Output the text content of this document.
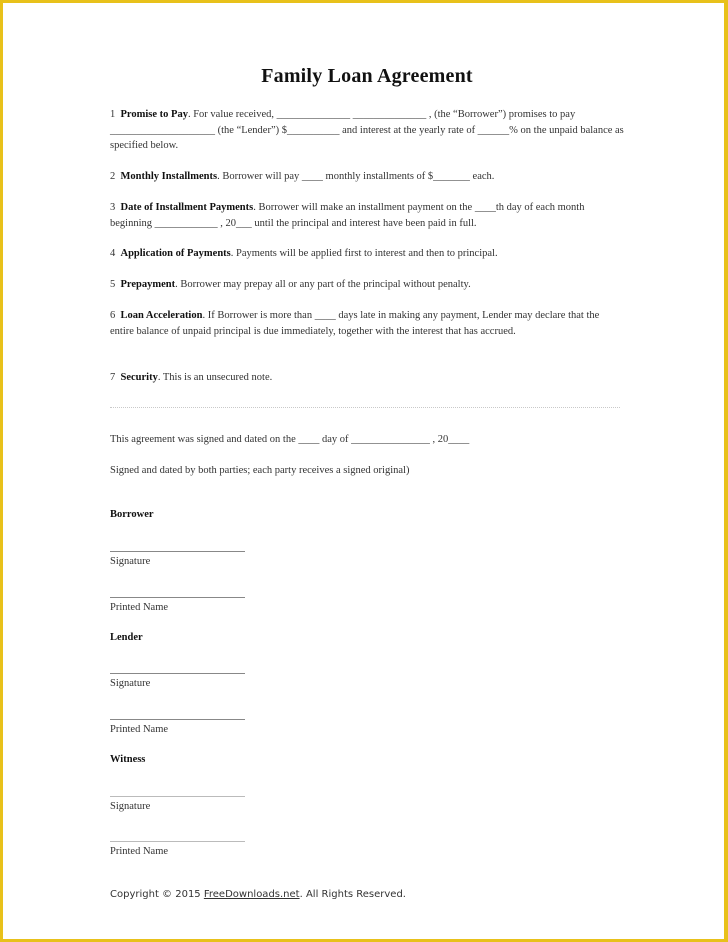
Family Loan Agreement
1 Promise to Pay. For value received, ______________ ______________ , (the “Borrower”) promises to pay ____________________ (the “Lender”) $__________ and interest at the yearly rate of ______% on the unpaid balance as specified below.
2 Monthly Installments. Borrower will pay ____ monthly installments of $_______ each.
3 Date of Installment Payments. Borrower will make an installment payment on the ____th day of each month beginning ____________ , 20___ until the principal and interest have been paid in full.
4 Application of Payments. Payments will be applied first to interest and then to principal.
5 Prepayment. Borrower may prepay all or any part of the principal without penalty.
6 Loan Acceleration. If Borrower is more than ____ days late in making any payment, Lender may declare that the entire balance of unpaid principal is due immediately, together with the interest that has accrued.
7 Security. This is an unsecured note.
This agreement was signed and dated on the ____ day of _______________ , 20____
Signed and dated by both parties; each party receives a signed original)
Borrower
Signature
Printed Name
Lender
Signature
Printed Name
Witness
Signature
Printed Name
Copyright © 2015 FreeDownloads.net. All Rights Reserved.
